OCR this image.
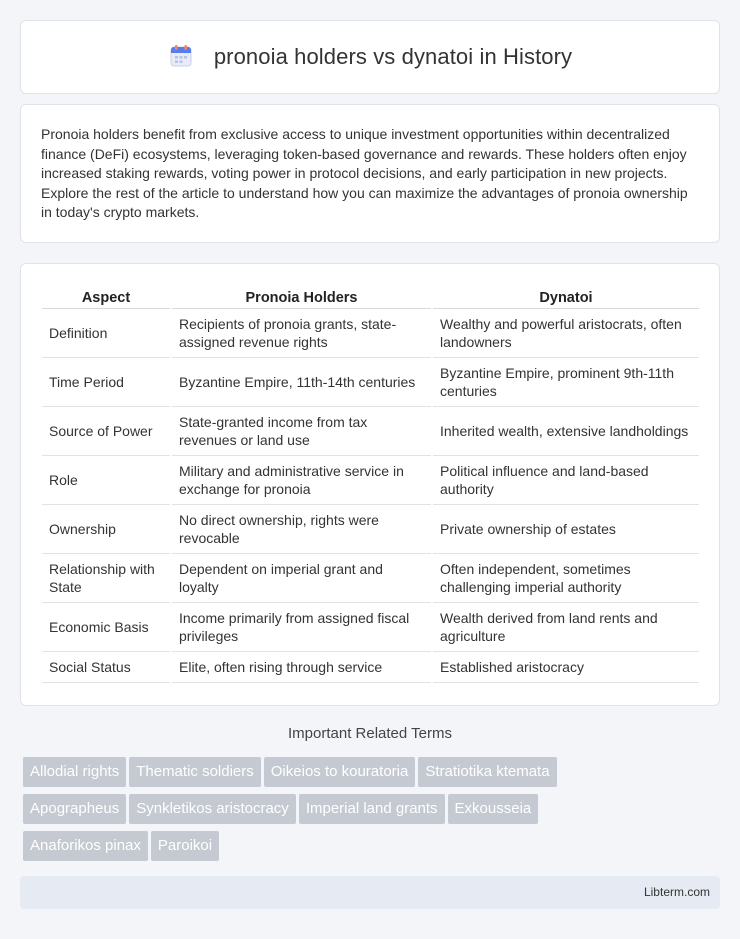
pronoia holders vs dynatoi in History

Pronoia holders benefit from exclusive access to unique investment opportunities within decentralized finance (DeFi) ecosystems, leveraging token-based governance and rewards. These holders often enjoy increased staking rewards, voting power in protocol decisions, and early participation in new projects. Explore the rest of the article to understand how you can maximize the advantages of pronoia ownership in today's crypto markets.

Aspect	Pronoia Holders	Dynatoi
Definition	Recipients of pronoia grants, state-assigned revenue rights	Wealthy and powerful aristocrats, often landowners
Time Period	Byzantine Empire, 11th-14th centuries	Byzantine Empire, prominent 9th-11th centuries
Source of Power	State-granted income from tax revenues or land use	Inherited wealth, extensive landholdings
Role	Military and administrative service in exchange for pronoia	Political influence and land-based authority
Ownership	No direct ownership, rights were revocable	Private ownership of estates
Relationship with State	Dependent on imperial grant and loyalty	Often independent, sometimes challenging imperial authority
Economic Basis	Income primarily from assigned fiscal privileges	Wealth derived from land rents and agriculture
Social Status	Elite, often rising through service	Established aristocracy
Important Related Terms
Allodial rights Thematic soldiers Oikeios to kouratoria Stratiotika ktemata
Apographeus Synkletikos aristocracy Imperial land grants Exkousseia
Anaforikos pinax Paroikoi
Libterm.com
